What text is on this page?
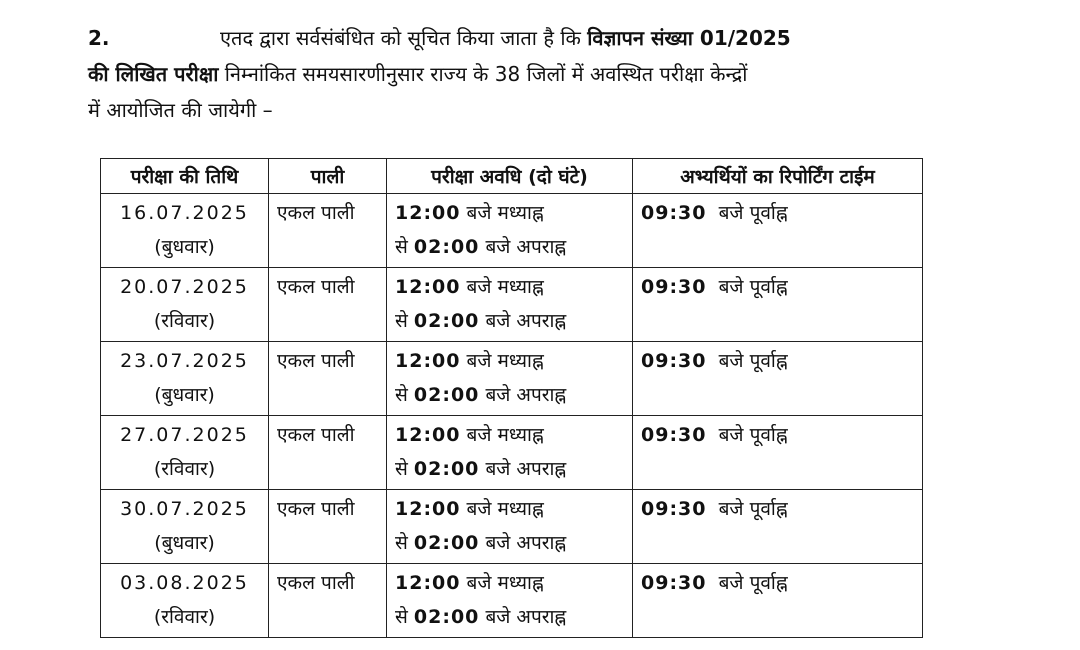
2.	एतद द्वारा सर्वसंबंधित को सूचित किया जाता है कि विज्ञापन संख्या 01/2025
की लिखित परीक्षा निम्नांकित समयसारणीनुसार राज्य के 38 जिलों में अवस्थित परीक्षा केन्द्रों
में आयोजित की जायेगी –
परीक्षा की तिथि	पाली	परीक्षा अवधि (दो घंटे)	अभ्यर्थियों का रिपोर्टिंग टाईम

16.07.2025
(बुधवार)	एकल पाली	12:00 बजे मध्याह्न
से 02:00 बजे अपराह्न	09:30 बजे पूर्वाह्न

20.07.2025
(रविवार)	एकल पाली	12:00 बजे मध्याह्न
से 02:00 बजे अपराह्न	09:30 बजे पूर्वाह्न

23.07.2025
(बुधवार)	एकल पाली	12:00 बजे मध्याह्न
से 02:00 बजे अपराह्न	09:30 बजे पूर्वाह्न

27.07.2025
(रविवार)	एकल पाली	12:00 बजे मध्याह्न
से 02:00 बजे अपराह्न	09:30 बजे पूर्वाह्न

30.07.2025
(बुधवार)	एकल पाली	12:00 बजे मध्याह्न
से 02:00 बजे अपराह्न	09:30 बजे पूर्वाह्न

03.08.2025
(रविवार)	एकल पाली	12:00 बजे मध्याह्न
से 02:00 बजे अपराह्न	09:30 बजे पूर्वाह्न
